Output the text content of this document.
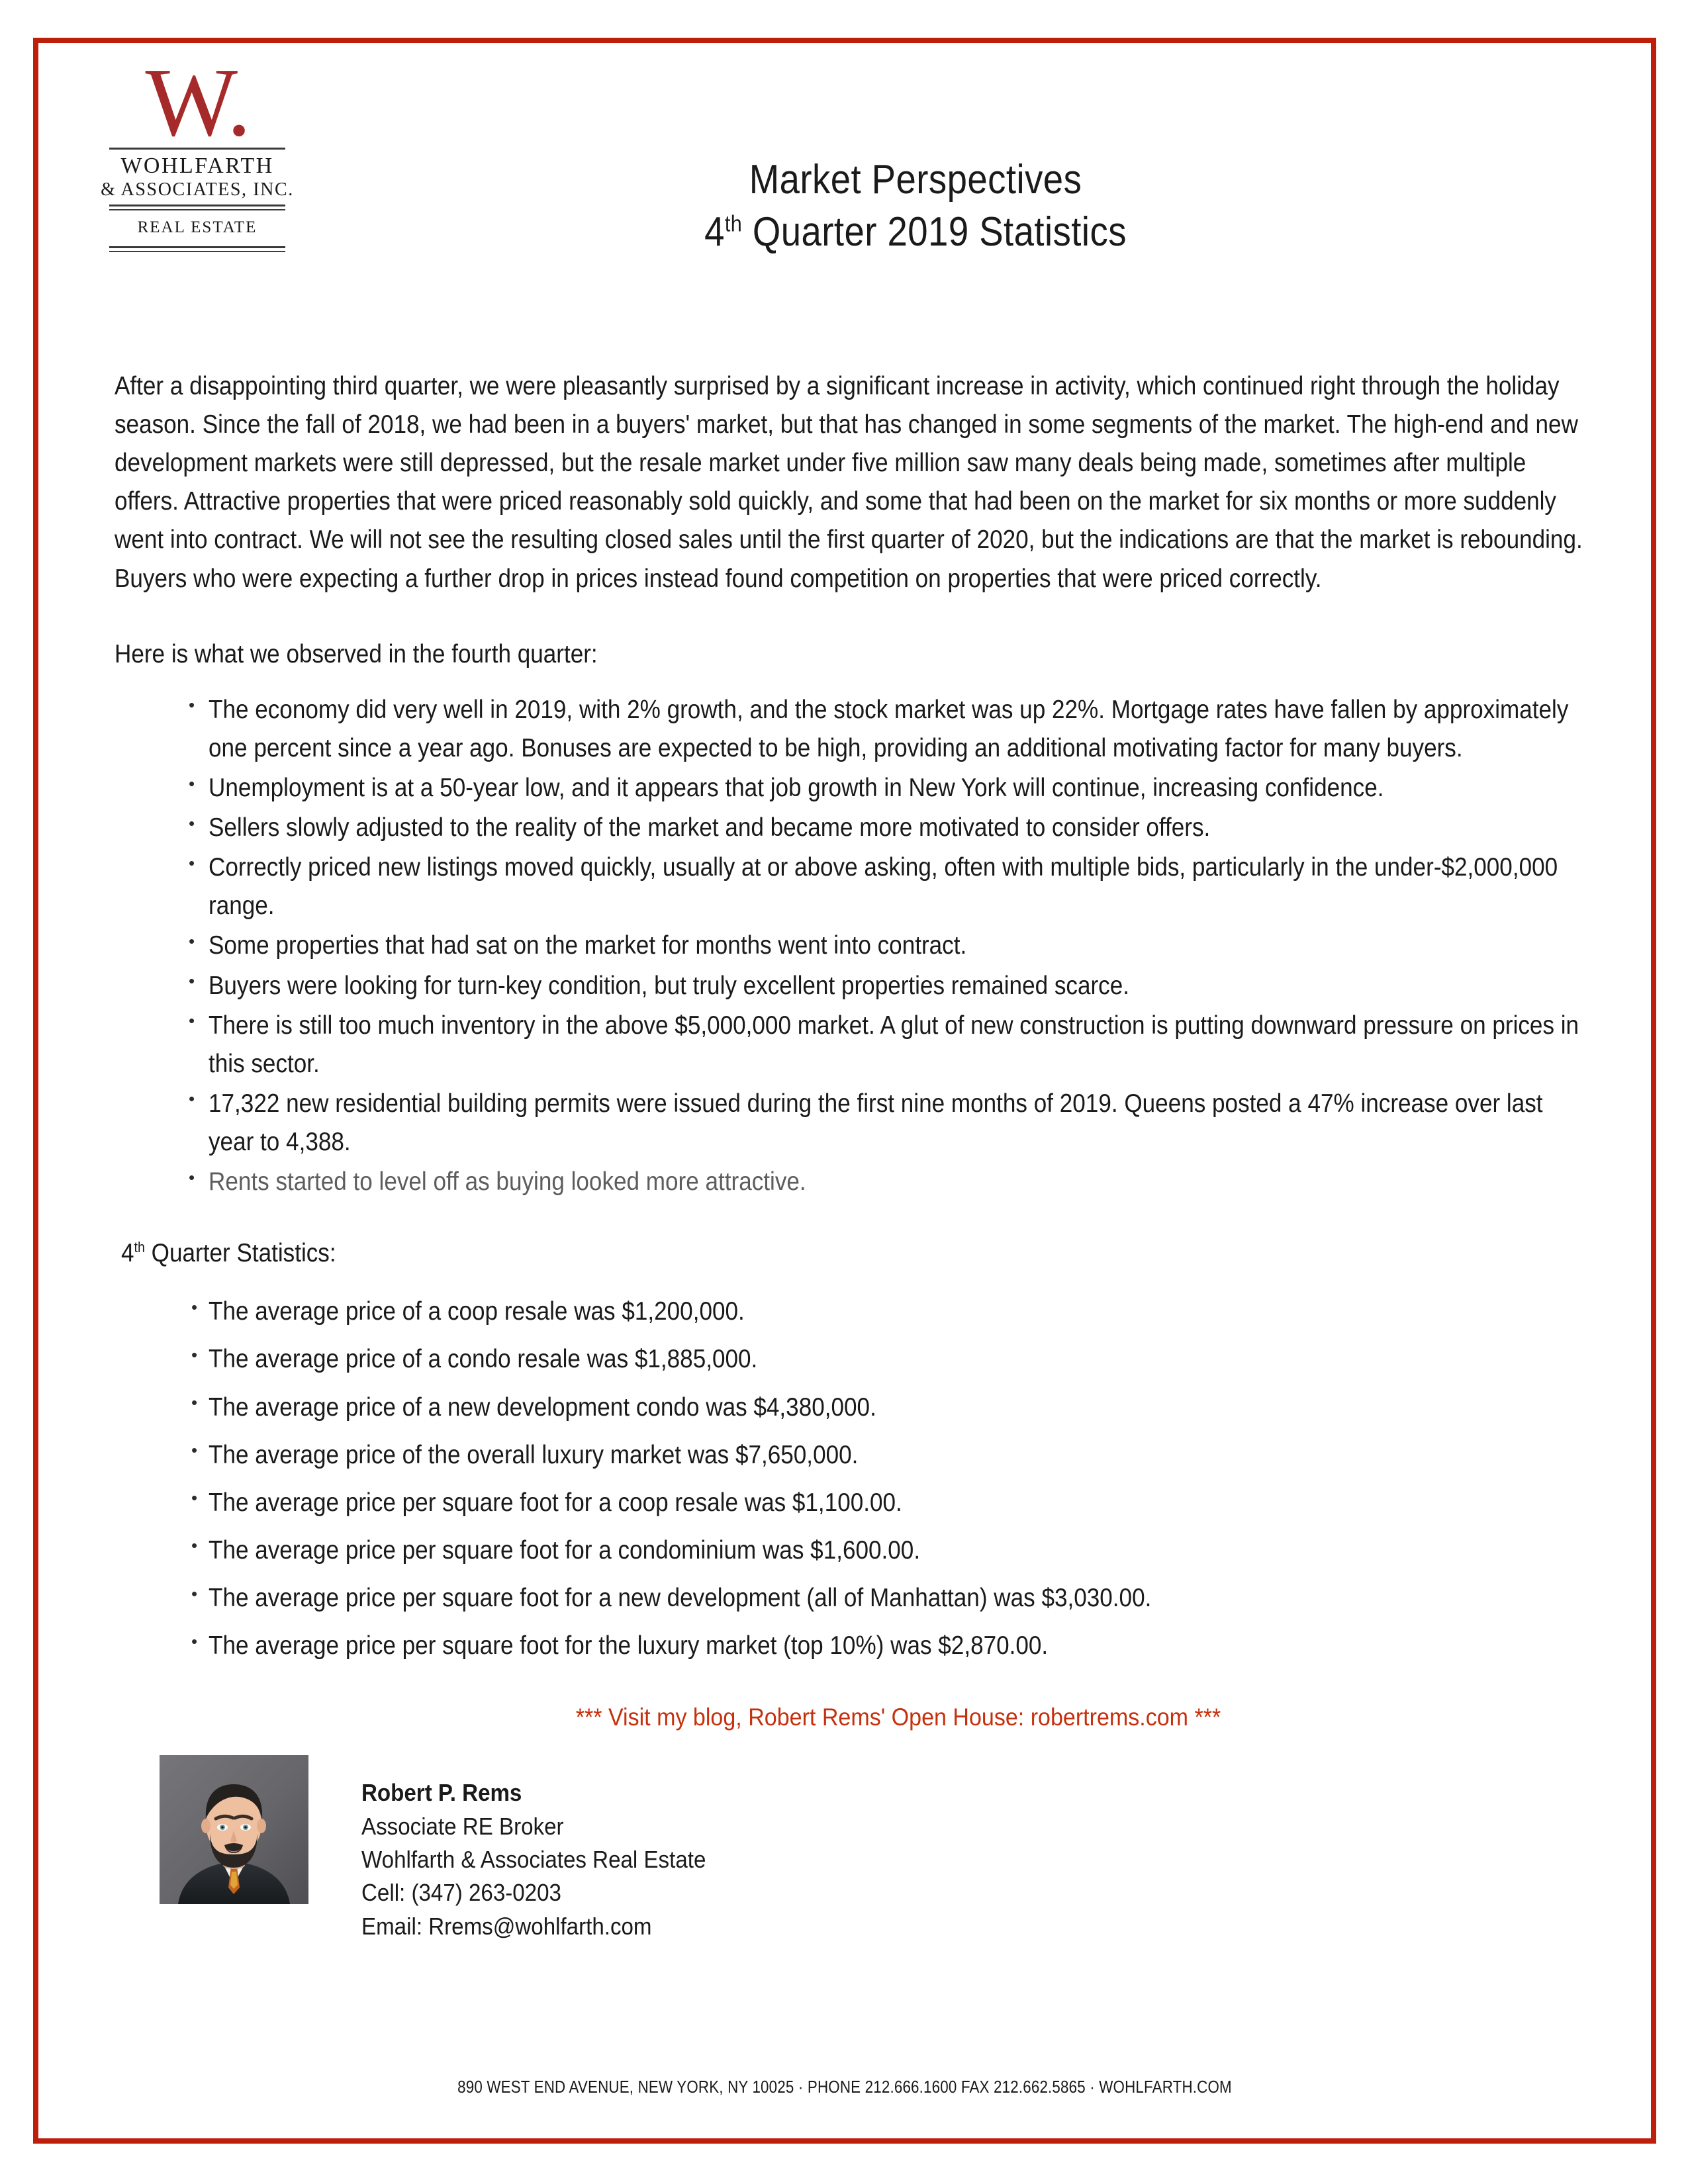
W.
WOHLFARTH
& ASSOCIATES, INC.
REAL ESTATE
Market Perspectives
4th Quarter 2019 Statistics
After a disappointing third quarter, we were pleasantly surprised by a significant increase in activity, which continued right through the holiday season. Since the fall of 2018, we had been in a buyers' market, but that has changed in some segments of the market. The high-end and new development markets were still depressed, but the resale market under five million saw many deals being made, sometimes after multiple offers. Attractive properties that were priced reasonably sold quickly, and some that had been on the market for six months or more suddenly went into contract. We will not see the resulting closed sales until the first quarter of 2020, but the indications are that the market is rebounding. Buyers who were expecting a further drop in prices instead found competition on properties that were priced correctly.
Here is what we observed in the fourth quarter:
• The economy did very well in 2019, with 2% growth, and the stock market was up 22%. Mortgage rates have fallen by approximately one percent since a year ago. Bonuses are expected to be high, providing an additional motivating factor for many buyers.
• Unemployment is at a 50-year low, and it appears that job growth in New York will continue, increasing confidence.
• Sellers slowly adjusted to the reality of the market and became more motivated to consider offers.
• Correctly priced new listings moved quickly, usually at or above asking, often with multiple bids, particularly in the under-$2,000,000 range.
• Some properties that had sat on the market for months went into contract.
• Buyers were looking for turn-key condition, but truly excellent properties remained scarce.
• There is still too much inventory in the above $5,000,000 market. A glut of new construction is putting downward pressure on prices in this sector.
• 17,322 new residential building permits were issued during the first nine months of 2019. Queens posted a 47% increase over last year to 4,388.
• Rents started to level off as buying looked more attractive.
4th Quarter Statistics:
• The average price of a coop resale was $1,200,000.
• The average price of a condo resale was $1,885,000.
• The average price of a new development condo was $4,380,000.
• The average price of the overall luxury market was $7,650,000.
• The average price per square foot for a coop resale was $1,100.00.
• The average price per square foot for a condominium was $1,600.00.
• The average price per square foot for a new development (all of Manhattan) was $3,030.00.
• The average price per square foot for the luxury market (top 10%) was $2,870.00.
*** Visit my blog, Robert Rems' Open House: robertrems.com ***
Robert P. Rems
Associate RE Broker
Wohlfarth & Associates Real Estate
Cell: (347) 263-0203
Email: Rrems@wohlfarth.com
890 WEST END AVENUE, NEW YORK, NY 10025 · PHONE 212.666.1600 FAX 212.662.5865 · WOHLFARTH.COM
